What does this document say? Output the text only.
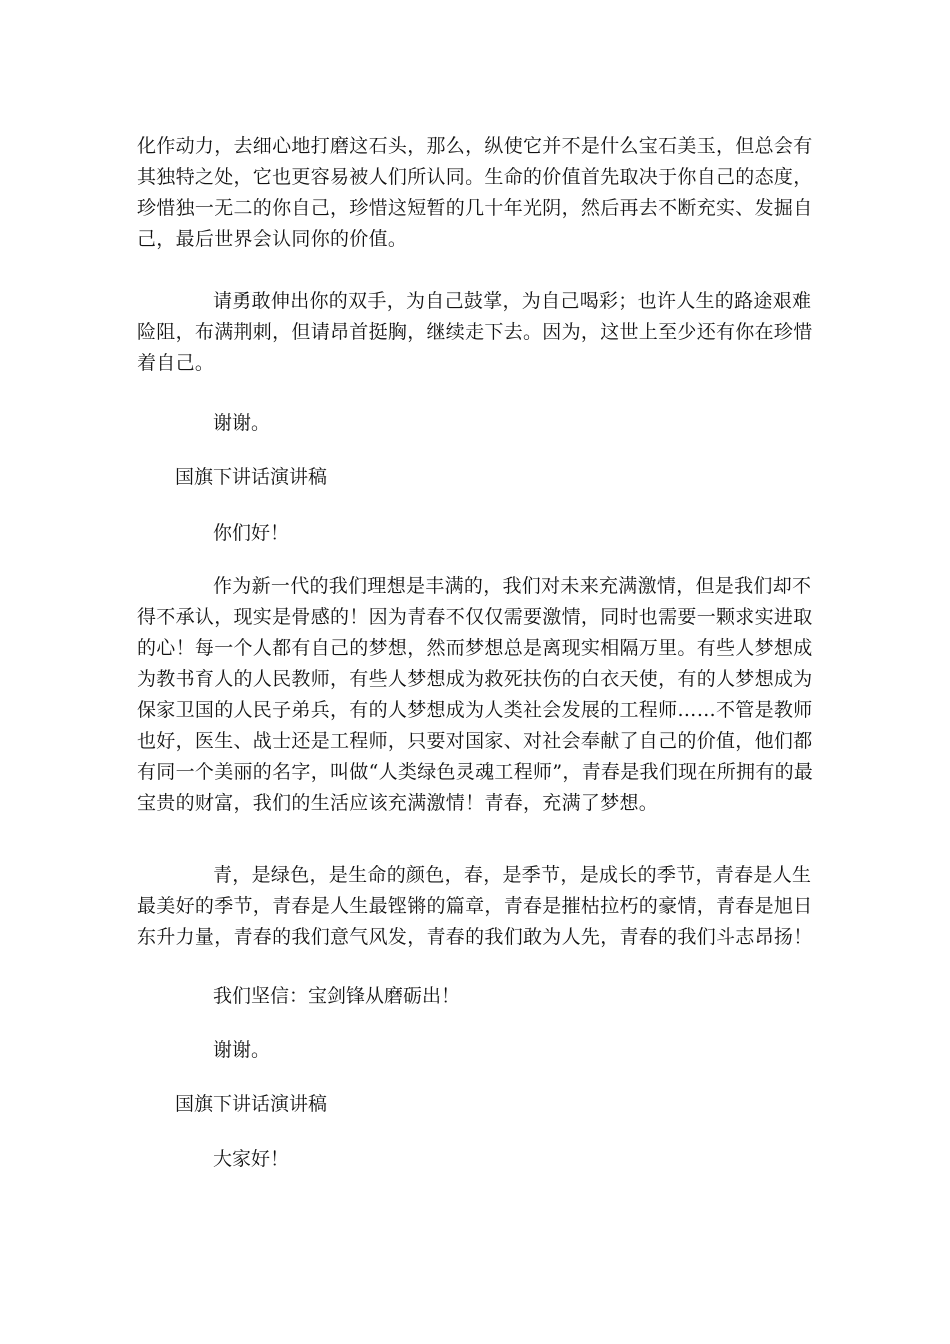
化作动力，去细心地打磨这石头，那么，纵使它并不是什么宝石美玉，但总会有其独特之处，它也更容易被人们所认同。生命的价值首先取决于你自己的态度，珍惜独一无二的你自己，珍惜这短暂的几十年光阴，然后再去不断充实、发掘自己，最后世界会认同你的价值。

请勇敢伸出你的双手，为自己鼓掌，为自己喝彩；也许人生的路途艰难险阻，布满荆刺，但请昂首挺胸，继续走下去。因为，这世上至少还有你在珍惜着自己。

谢谢。

国旗下讲话演讲稿

你们好！

作为新一代的我们理想是丰满的，我们对未来充满激情，但是我们却不得不承认，现实是骨感的！因为青春不仅仅需要激情，同时也需要一颗求实进取的心！每一个人都有自己的梦想，然而梦想总是离现实相隔万里。有些人梦想成为教书育人的人民教师，有些人梦想成为救死扶伤的白衣天使，有的人梦想成为保家卫国的人民子弟兵，有的人梦想成为人类社会发展的工程师……不管是教师也好，医生、战士还是工程师，只要对国家、对社会奉献了自己的价值，他们都有同一个美丽的名字，叫做“人类绿色灵魂工程师”，青春是我们现在所拥有的最宝贵的财富，我们的生活应该充满激情！青春，充满了梦想。

青，是绿色，是生命的颜色，春，是季节，是成长的季节，青春是人生最美好的季节，青春是人生最铿锵的篇章，青春是摧枯拉朽的豪情，青春是旭日东升力量，青春的我们意气风发，青春的我们敢为人先，青春的我们斗志昂扬！

我们坚信：宝剑锋从磨砺出！

谢谢。

国旗下讲话演讲稿

大家好！
